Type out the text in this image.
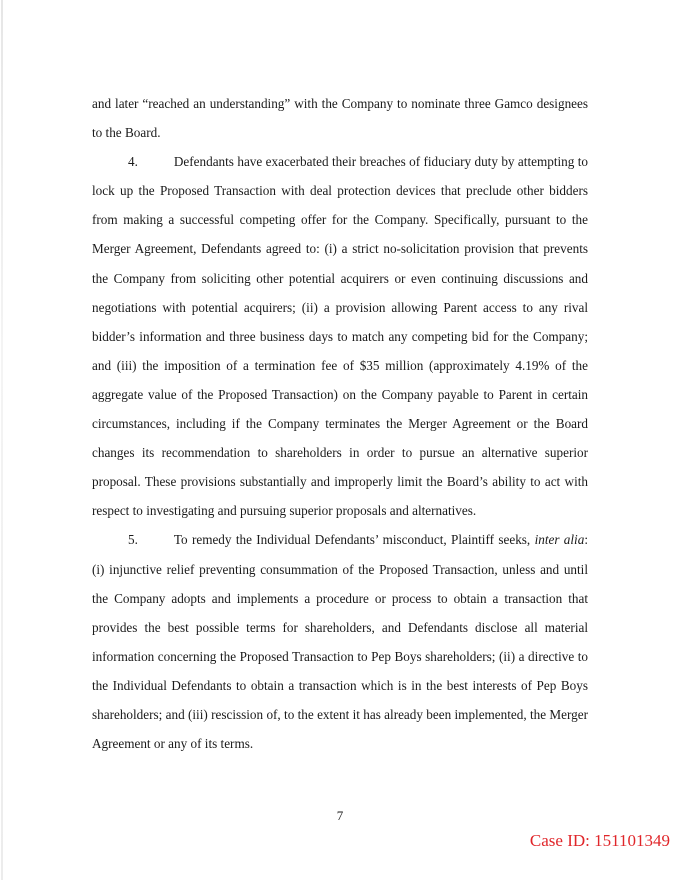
and later “reached an understanding” with the Company to nominate three Gamco designees to the Board.

4.	Defendants have exacerbated their breaches of fiduciary duty by attempting to lock up the Proposed Transaction with deal protection devices that preclude other bidders from making a successful competing offer for the Company. Specifically, pursuant to the Merger Agreement, Defendants agreed to: (i) a strict no-solicitation provision that prevents the Company from soliciting other potential acquirers or even continuing discussions and negotiations with potential acquirers; (ii) a provision allowing Parent access to any rival bidder’s information and three business days to match any competing bid for the Company; and (iii) the imposition of a termination fee of $35 million (approximately 4.19% of the aggregate value of the Proposed Transaction) on the Company payable to Parent in certain circumstances, including if the Company terminates the Merger Agreement or the Board changes its recommendation to shareholders in order to pursue an alternative superior proposal. These provisions substantially and improperly limit the Board’s ability to act with respect to investigating and pursuing superior proposals and alternatives.

5.	To remedy the Individual Defendants’ misconduct, Plaintiff seeks, inter alia: (i) injunctive relief preventing consummation of the Proposed Transaction, unless and until the Company adopts and implements a procedure or process to obtain a transaction that provides the best possible terms for shareholders, and Defendants disclose all material information concerning the Proposed Transaction to Pep Boys shareholders; (ii) a directive to the Individual Defendants to obtain a transaction which is in the best interests of Pep Boys shareholders; and (iii) rescission of, to the extent it has already been implemented, the Merger Agreement or any of its terms.

7
Case ID: 151101349
